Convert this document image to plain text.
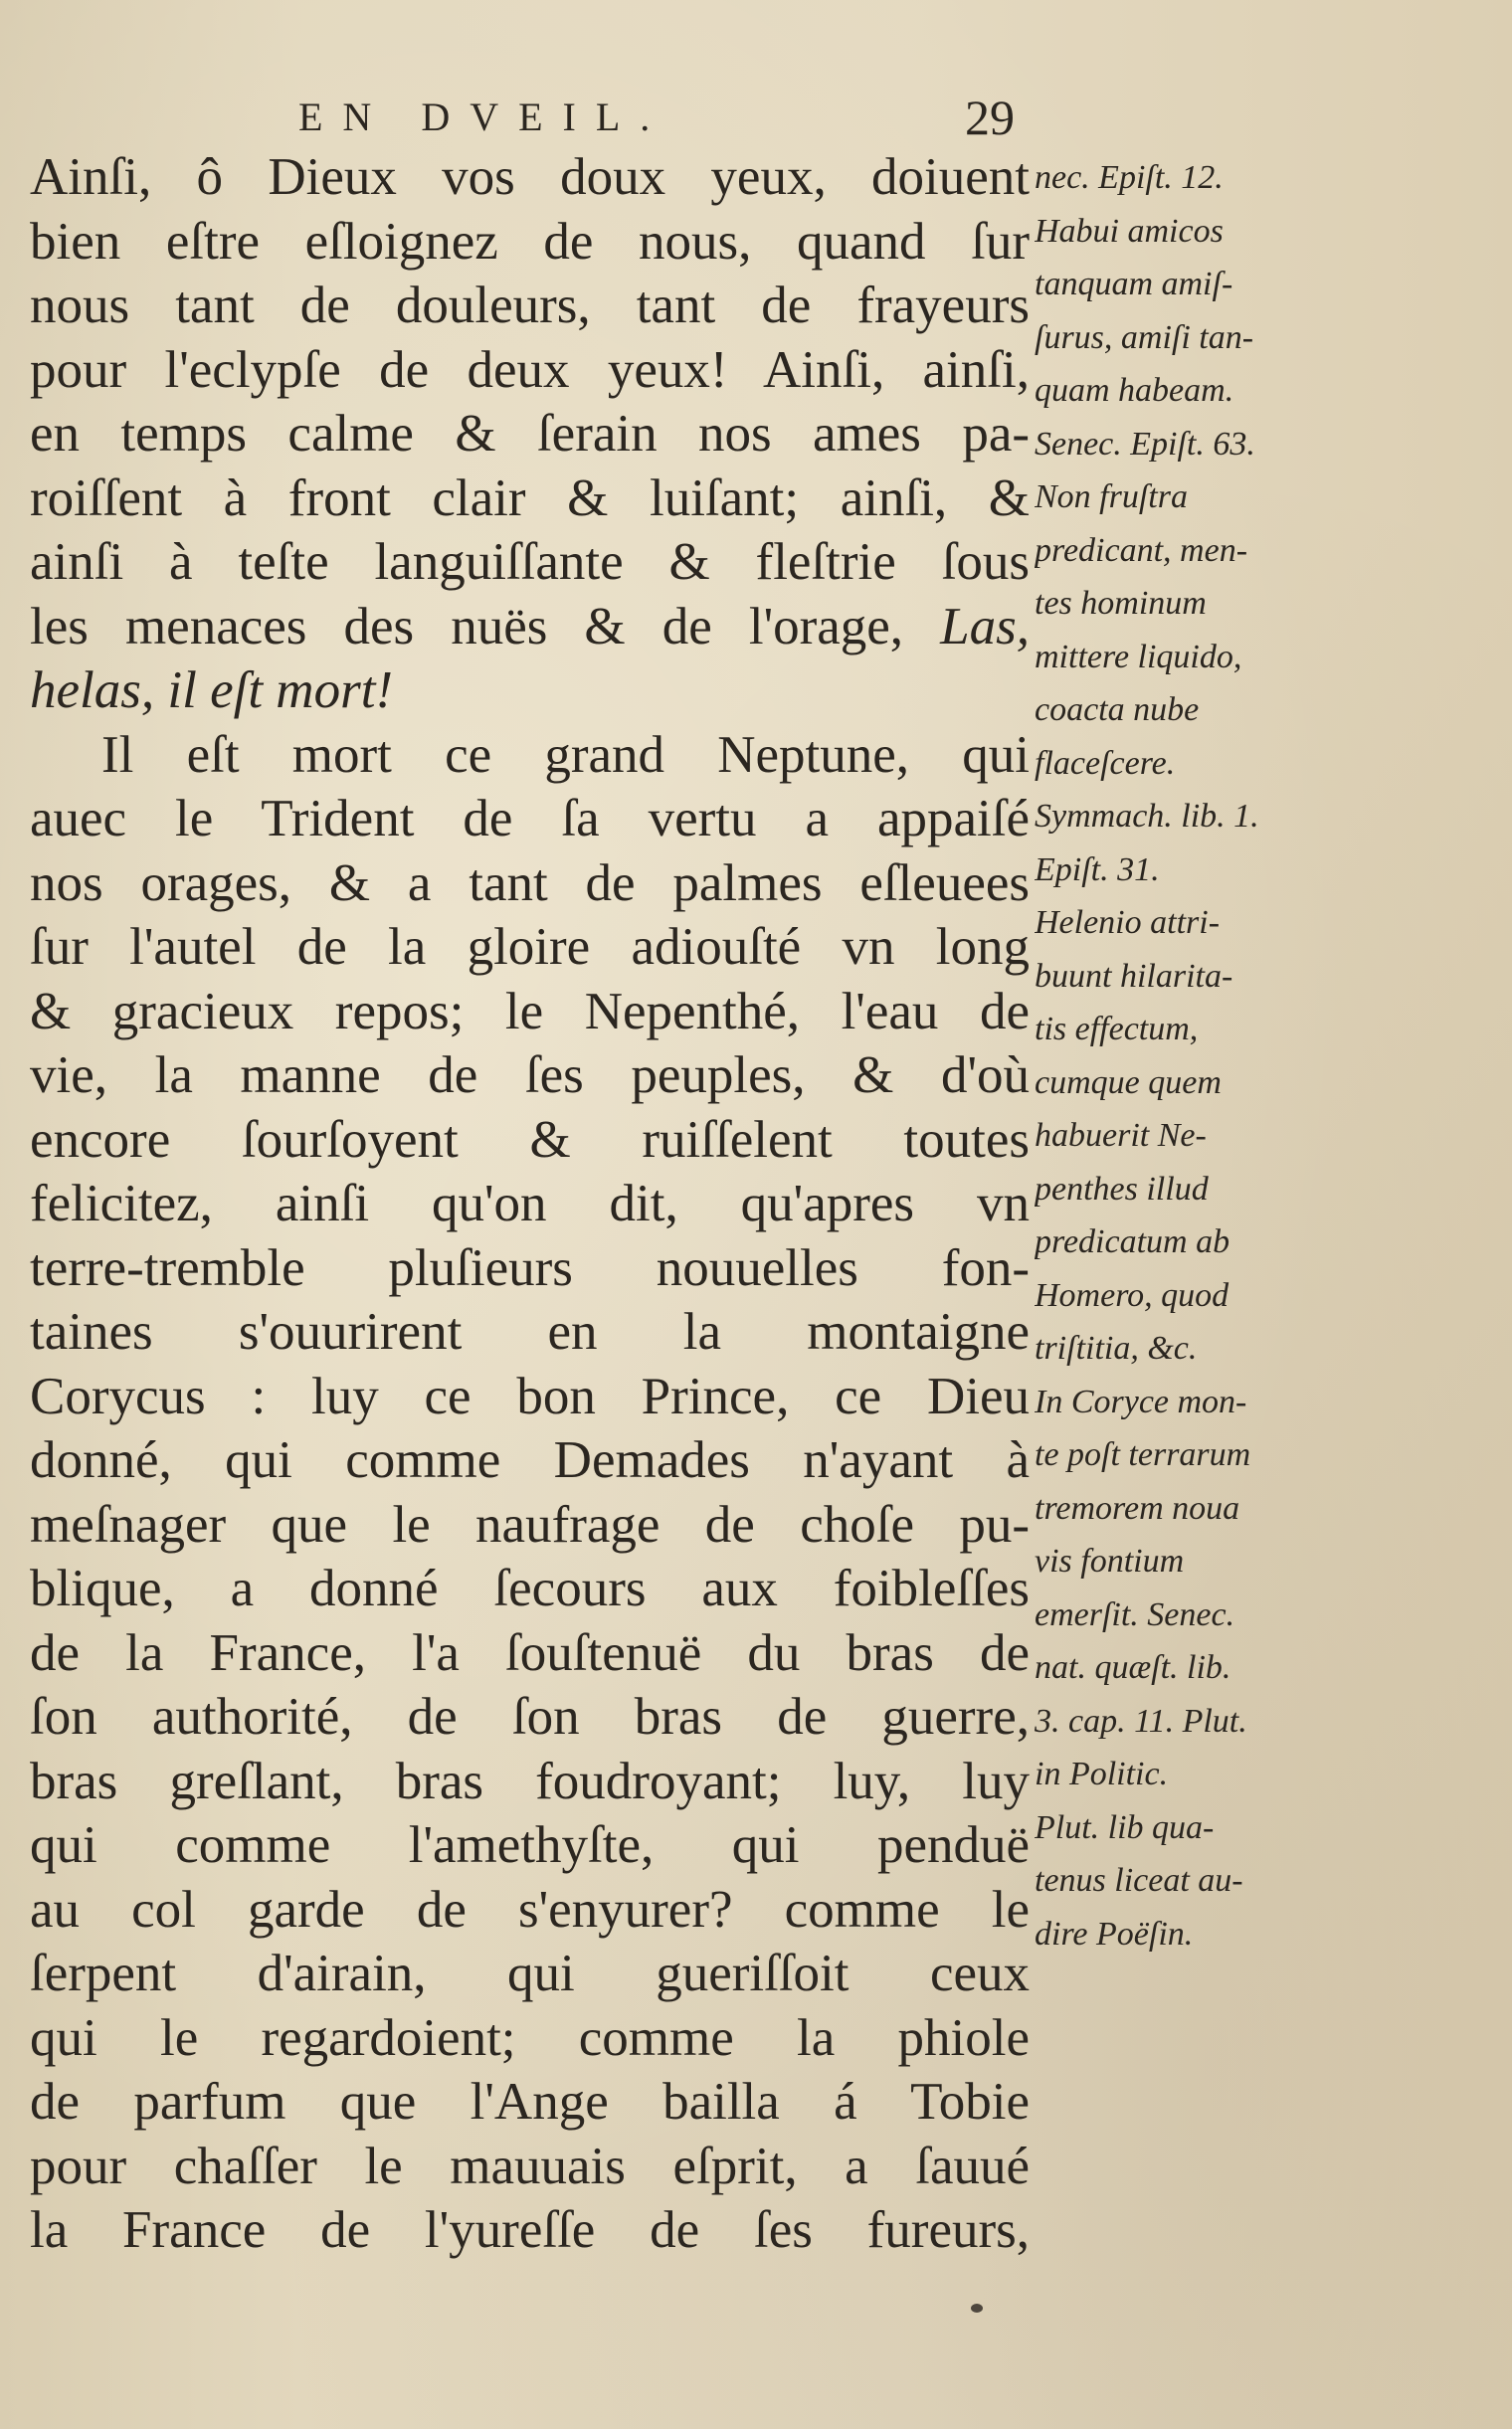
EN DVEIL.	29
Ainſi, ô Dieux vos doux yeux, doiuent
bien eſtre eſloignez de nous, quand ſur
nous tant de douleurs, tant de frayeurs
pour l'eclypſe de deux yeux! Ainſi, ainſi,
en temps calme & ſerain nos ames pa-
roiſſent à front clair & luiſant; ainſi, &
ainſi à teſte languiſſante & fleſtrie ſous
les menaces des nuës & de l'orage, Las,
helas, il eſt mort!
Il eſt mort ce grand Neptune, qui
auec le Trident de ſa vertu a appaiſé
nos orages, & a tant de palmes eſleuees
ſur l'autel de la gloire adiouſté vn long
& gracieux repos; le Nepenthé, l'eau de
vie, la manne de ſes peuples, & d'où
encore ſourſoyent & ruiſſelent toutes
felicitez, ainſi qu'on dit, qu'apres vn
terre-tremble pluſieurs nouuelles fon-
taines s'ouurirent en la montaigne
Corycus : luy ce bon Prince, ce Dieu
donné, qui comme Demades n'ayant à
meſnager que le naufrage de choſe pu-
blique, a donné ſecours aux foibleſſes
de la France, l'a ſouſtenuë du bras de
ſon authorité, de ſon bras de guerre,
bras greſlant, bras foudroyant; luy, luy
qui comme l'amethyſte, qui penduë
au col garde de s'enyurer? comme le
ſerpent d'airain, qui gueriſſoit ceux
qui le regardoient; comme la phiole
de parfum que l'Ange bailla á Tobie
pour chaſſer le mauuais eſprit, a ſauué
la France de l'yureſſe de ſes fureurs,
nec. Epiſt. 12.
Habui amicos
tanquam amiſ-
ſurus, amiſi tan-
quam habeam.
Senec. Epiſt. 63.
Non fruſtra
predicant, men-
tes hominum
mittere liquido,
coacta nube
flaceſcere.
Symmach. lib. 1.
Epiſt. 31.
Helenio attri-
buunt hilarita-
tis effectum,
cumque quem
habuerit Ne-
penthes illud
predicatum ab
Homero, quod
triſtitia, &c.
In Coryce mon-
te poſt terrarum
tremorem noua
vis fontium
emerſit. Senec.
nat. quæſt. lib.
3. cap. 11. Plut.
in Politic.
Plut. lib qua-
tenus liceat au-
dire Poëſin.
